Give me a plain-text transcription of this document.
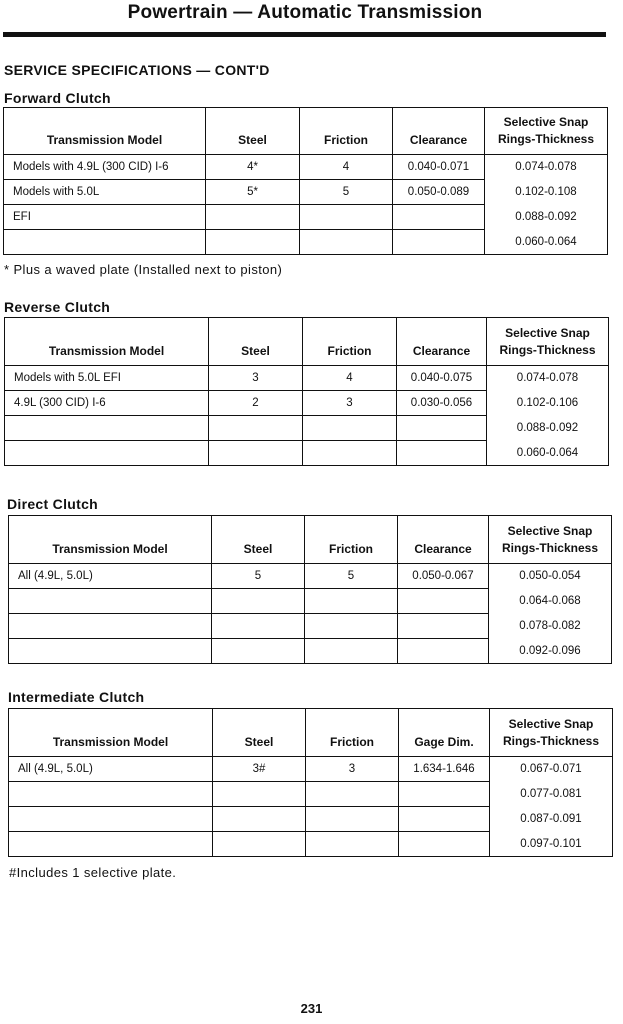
Powertrain — Automatic Transmission
SERVICE SPECIFICATIONS — CONT'D
Forward Clutch
Transmission Model	Steel	Friction	Clearance	Selective Snap
Rings-Thickness
Models with 4.9L (300 CID) I-6	4*	4	0.040-0.071	0.074-0.078
Models with 5.0L	5*	5	0.050-0.089	0.102-0.108
EFI				0.088-0.092
				0.060-0.064
* Plus a waved plate (Installed next to piston)
Reverse Clutch
Transmission Model	Steel	Friction	Clearance	Selective Snap
Rings-Thickness
Models with 5.0L EFI	3	4	0.040-0.075	0.074-0.078
4.9L (300 CID) I-6	2	3	0.030-0.056	0.102-0.106
				0.088-0.092
				0.060-0.064
Direct Clutch
Transmission Model	Steel	Friction	Clearance	Selective Snap
Rings-Thickness
All (4.9L, 5.0L)	5	5	0.050-0.067	0.050-0.054
				0.064-0.068
				0.078-0.082
				0.092-0.096
Intermediate Clutch
Transmission Model	Steel	Friction	Gage Dim.	Selective Snap
Rings-Thickness
All (4.9L, 5.0L)	3#	3	1.634-1.646	0.067-0.071
				0.077-0.081
				0.087-0.091
				0.097-0.101
#Includes 1 selective plate.
231
